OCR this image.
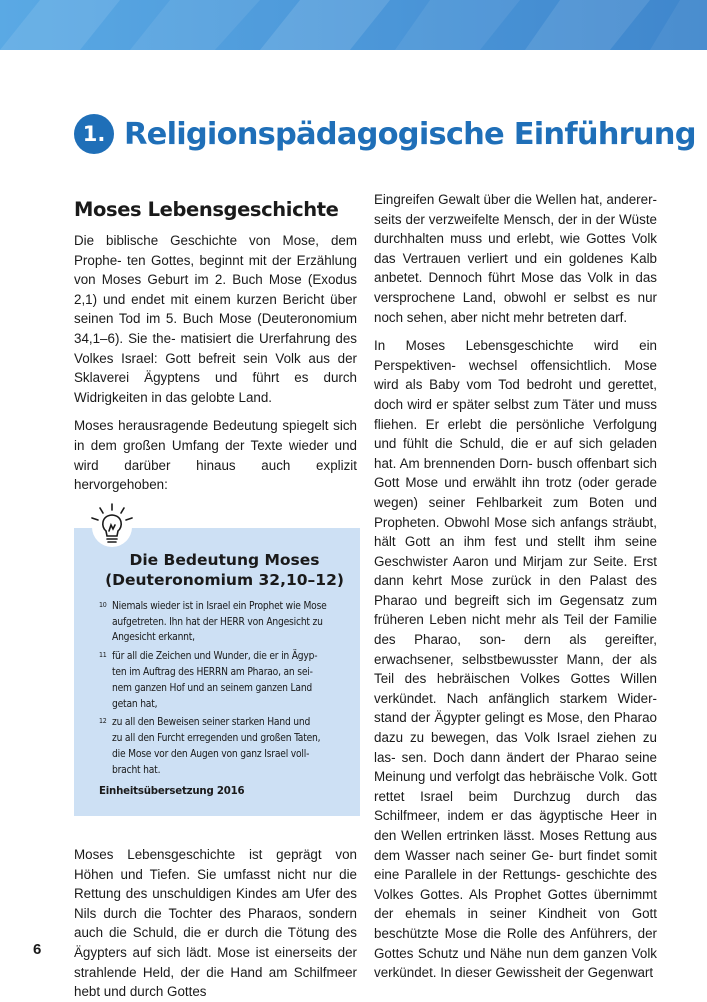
1. Religionspädagogische Einführung
Moses Lebensgeschichte

Die biblische Geschichte von Mose, dem Prophe- ten Gottes, beginnt mit der Erzählung von Moses Geburt im 2. Buch Mose (Exodus 2,1) und endet mit einem kurzen Bericht über seinen Tod im 5. Buch Mose (Deuteronomium 34,1–6). Sie the- matisiert die Urerfahrung des Volkes Israel: Gott befreit sein Volk aus der Sklaverei Ägyptens und führt es durch Widrigkeiten in das gelobte Land.

Moses herausragende Bedeutung spiegelt sich in dem großen Umfang der Texte wieder und wird darüber hinaus auch explizit hervorgehoben:

Die Bedeutung Moses
(Deuteronomium 32,10–12)
10 Niemals wieder ist in Israel ein Prophet wie Mose
aufgetreten. Ihn hat der HERR von Angesicht zu
Angesicht erkannt,
11 für all die Zeichen und Wunder, die er in Ägyp-
ten im Auftrag des HERRN am Pharao, an sei-
nem ganzen Hof und an seinem ganzen Land
getan hat,
12 zu all den Beweisen seiner starken Hand und
zu all den Furcht erregenden und großen Taten,
die Mose vor den Augen von ganz Israel voll-
bracht hat.
Einheitsübersetzung 2016

Moses Lebensgeschichte ist geprägt von Höhen und Tiefen. Sie umfasst nicht nur die Rettung des unschuldigen Kindes am Ufer des Nils durch die Tochter des Pharaos, sondern auch die Schuld, die er durch die Tötung des Ägypters auf sich lädt. Mose ist einerseits der strahlende Held, der die Hand am Schilfmeer hebt und durch Gottes

Eingreifen Gewalt über die Wellen hat, anderer- seits der verzweifelte Mensch, der in der Wüste durchhalten muss und erlebt, wie Gottes Volk das Vertrauen verliert und ein goldenes Kalb anbetet. Dennoch führt Mose das Volk in das versprochene Land, obwohl er selbst es nur noch sehen, aber nicht mehr betreten darf.

In Moses Lebensgeschichte wird ein Perspektiven- wechsel offensichtlich. Mose wird als Baby vom Tod bedroht und gerettet, doch wird er später selbst zum Täter und muss fliehen. Er erlebt die persönliche Verfolgung und fühlt die Schuld, die er auf sich geladen hat. Am brennenden Dorn- busch offenbart sich Gott Mose und erwählt ihn trotz (oder gerade wegen) seiner Fehlbarkeit zum Boten und Propheten. Obwohl Mose sich anfangs sträubt, hält Gott an ihm fest und stellt ihm seine Geschwister Aaron und Mirjam zur Seite. Erst dann kehrt Mose zurück in den Palast des Pharao und begreift sich im Gegensatz zum früheren Leben nicht mehr als Teil der Familie des Pharao, son- dern als gereifter, erwachsener, selbstbewusster Mann, der als Teil des hebräischen Volkes Gottes Willen verkündet. Nach anfänglich starkem Wider- stand der Ägypter gelingt es Mose, den Pharao dazu zu bewegen, das Volk Israel ziehen zu las- sen. Doch dann ändert der Pharao seine Meinung und verfolgt das hebräische Volk. Gott rettet Israel beim Durchzug durch das Schilfmeer, indem er das ägyptische Heer in den Wellen ertrinken lässt. Moses Rettung aus dem Wasser nach seiner Ge- burt findet somit eine Parallele in der Rettungs- geschichte des Volkes Gottes. Als Prophet Gottes übernimmt der ehemals in seiner Kindheit von Gott beschützte Mose die Rolle des Anführers, der Gottes Schutz und Nähe nun dem ganzen Volk verkündet. In dieser Gewissheit der Gegenwart

6
